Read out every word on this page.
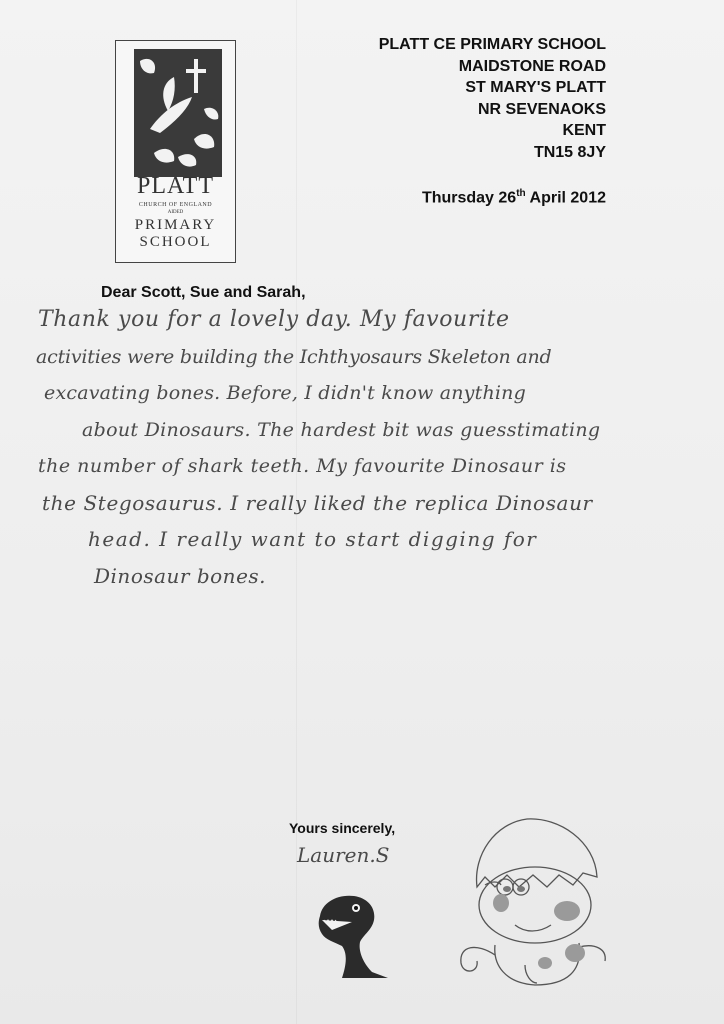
PLATT
CHURCH OF ENGLAND
AIDED
PRIMARY
SCHOOL
PLATT CE PRIMARY SCHOOL
MAIDSTONE ROAD
ST MARY'S PLATT
NR SEVENAOKS
KENT
TN15 8JY
Thursday 26th April 2012
Dear Scott, Sue and Sarah,
Thank you for a lovely day. My favourite
activities were building the Ichthyosaurs Skeleton and
excavating bones. Before, I didn't know anything
about Dinosaurs. The hardest bit was guesstimating
the number of shark teeth. My favourite Dinosaur is
the Stegosaurus. I really liked the replica Dinosaur
head. I really want to start digging for
Dinosaur bones.
Yours sincerely,
Lauren.S
